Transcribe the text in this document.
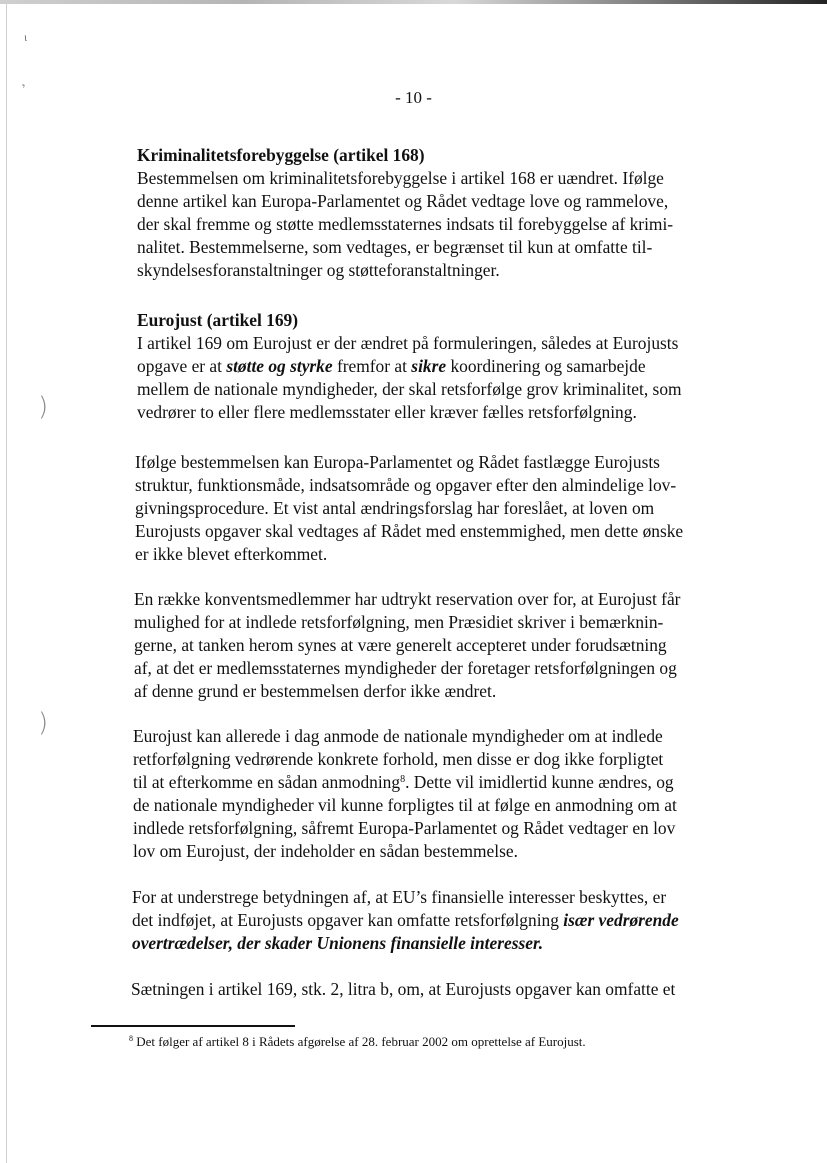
ι
י
)
)
- 10 -
Kriminalitetsforebyggelse (artikel 168)
Bestemmelsen om kriminalitetsforebyggelse i artikel 168 er uændret. Ifølge
denne artikel kan Europa-Parlamentet og Rådet vedtage love og rammelove,
der skal fremme og støtte medlemsstaternes indsats til forebyggelse af krimi-
nalitet. Bestemmelserne, som vedtages, er begrænset til kun at omfatte til-
skyndelsesforanstaltninger og støtteforanstaltninger.
Eurojust (artikel 169)
I artikel 169 om Eurojust er der ændret på formuleringen, således at Eurojusts
opgave er at støtte og styrke fremfor at sikre koordinering og samarbejde
mellem de nationale myndigheder, der skal retsforfølge grov kriminalitet, som
vedrører to eller flere medlemsstater eller kræver fælles retsforfølgning.
Ifølge bestemmelsen kan Europa-Parlamentet og Rådet fastlægge Eurojusts
struktur, funktionsmåde, indsatsområde og opgaver efter den almindelige lov-
givningsprocedure. Et vist antal ændringsforslag har foreslået, at loven om
Eurojusts opgaver skal vedtages af Rådet med enstemmighed, men dette ønske
er ikke blevet efterkommet.
En række konventsmedlemmer har udtrykt reservation over for, at Eurojust får
mulighed for at indlede retsforfølgning, men Præsidiet skriver i bemærknin-
gerne, at tanken herom synes at være generelt accepteret under forudsætning
af, at det er medlemsstaternes myndigheder der foretager retsforfølgningen og
af denne grund er bestemmelsen derfor ikke ændret.
Eurojust kan allerede i dag anmode de nationale myndigheder om at indlede
retforfølgning vedrørende konkrete forhold, men disse er dog ikke forpligtet
til at efterkomme en sådan anmodning$^8$. Dette vil imidlertid kunne ændres, og
de nationale myndigheder vil kunne forpligtes til at følge en anmodning om at
indlede retsforfølgning, såfremt Europa-Parlamentet og Rådet vedtager en lov
lov om Eurojust, der indeholder en sådan bestemmelse.
For at understrege betydningen af, at EU’s finansielle interesser beskyttes, er
det indføjet, at Eurojusts opgaver kan omfatte retsforfølgning især vedrørende
overtrædelser, der skader Unionens finansielle interesser.
Sætningen i artikel 169, stk. 2, litra b, om, at Eurojusts opgaver kan omfatte et
$^8$ Det følger af artikel 8 i Rådets afgørelse af 28. februar 2002 om oprettelse af Eurojust.
